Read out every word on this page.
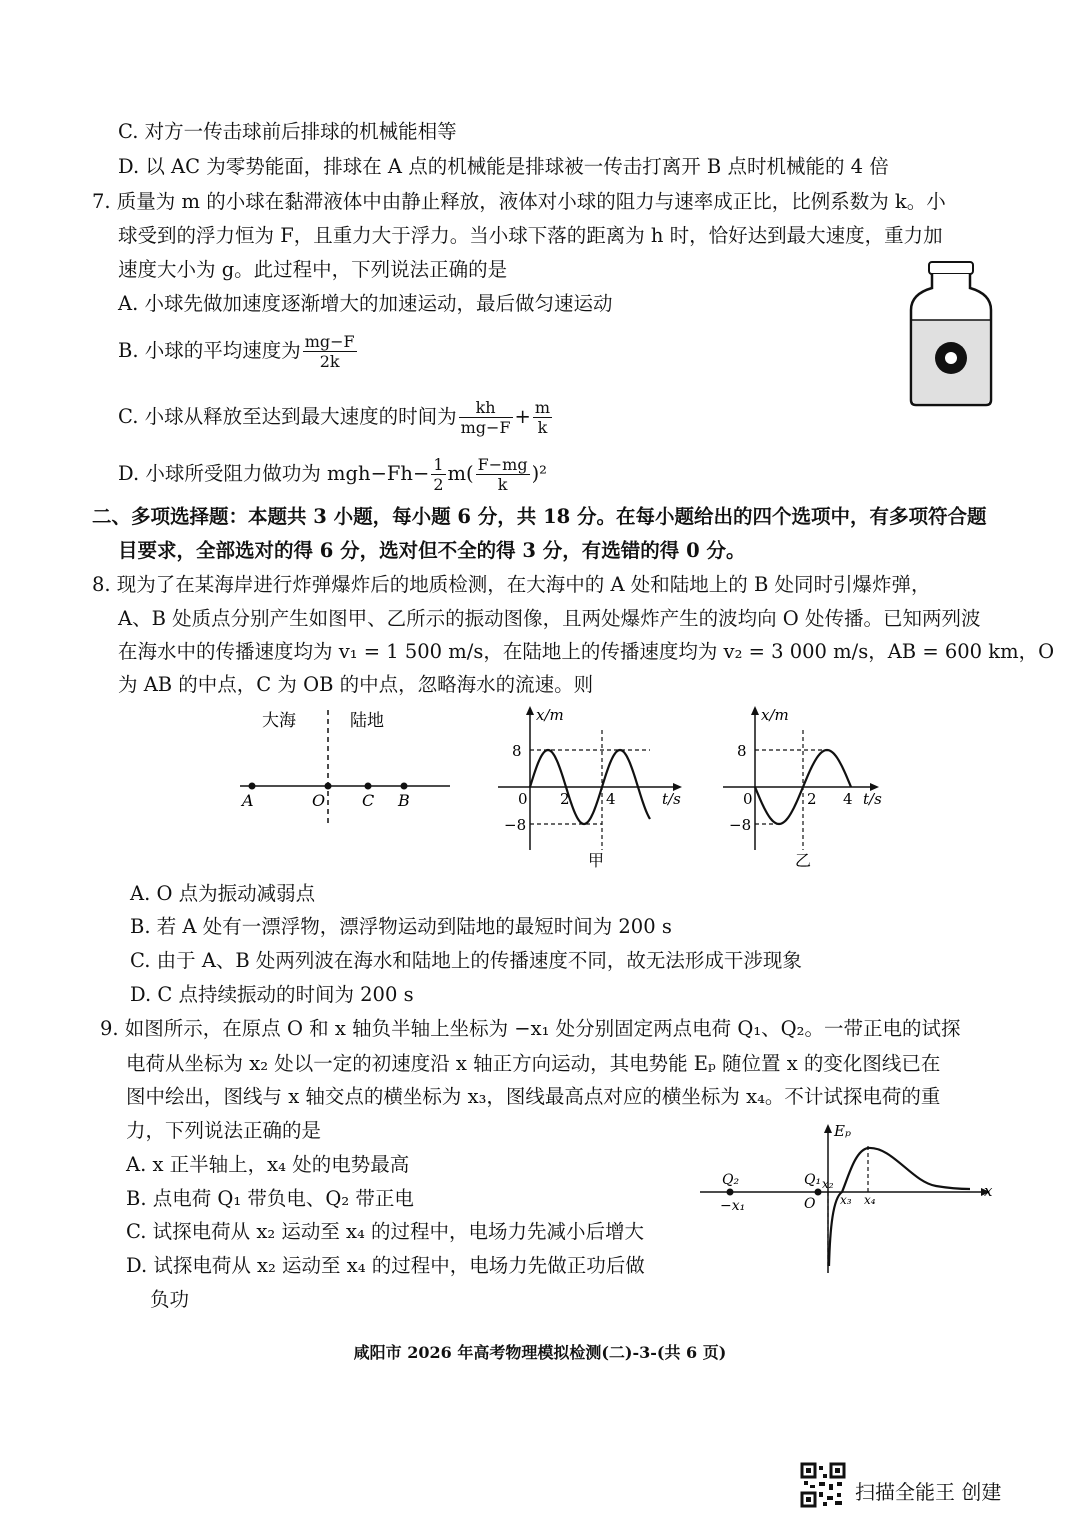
C. 对方一传击球前后排球的机械能相等
D. 以 AC 为零势能面，排球在 A 点的机械能是排球被一传击打离开 B 点时机械能的 4 倍
7. 质量为 m 的小球在黏滞液体中由静止释放，液体对小球的阻力与速率成正比，比例系数为 k。小
球受到的浮力恒为 F，且重力大于浮力。当小球下落的距离为 h 时，恰好达到最大速度，重力加
速度大小为 g。此过程中，下列说法正确的是
A. 小球先做加速度逐渐增大的加速运动，最后做匀速运动
B. 小球的平均速度为 $\frac{mg-F}{2k}$
C. 小球从释放至达到最大速度的时间为 $\frac{kh}{mg-F} + \frac{m}{k}$
D. 小球所受阻力做功为 $mgh-Fh- \frac{1}{2} m( \frac{F-mg}{k} )^2$
二、多项选择题：本题共 3 小题，每小题 6 分，共 18 分。在每小题给出的四个选项中，有多项符合题
目要求，全部选对的得 6 分，选对但不全的得 3 分，有选错的得 0 分。
8. 现为了在某海岸进行炸弹爆炸后的地质检测，在大海中的 A 处和陆地上的 B 处同时引爆炸弹，
A、B 处质点分别产生如图甲、乙所示的振动图像，且两处爆炸产生的波均向 O 处传播。已知两列波
在海水中的传播速度均为 v₁ = 1 500 m/s，在陆地上的传播速度均为 v₂ = 3 000 m/s，AB = 600 km，O
为 AB 的中点，C 为 OB 的中点，忽略海水的流速。则
大海	陆地
A	O C B
x/m
t/s
8
−8
0 2 4
甲
x/m
t/s
8
−8
0	2 4
乙
A. O 点为振动减弱点
B. 若 A 处有一漂浮物，漂浮物运动到陆地的最短时间为 200 s
C. 由于 A、B 处两列波在海水和陆地上的传播速度不同，故无法形成干涉现象
D. C 点持续振动的时间为 200 s
9. 如图所示，在原点 O 和 x 轴负半轴上坐标为 −x₁ 处分别固定两点电荷 Q₁、Q₂。一带正电的试探
电荷从坐标为 x₂ 处以一定的初速度沿 x 轴正方向运动，其电势能 Eₚ 随位置 x 的变化图线已在
图中绘出，图线与 x 轴交点的横坐标为 x₃，图线最高点对应的横坐标为 x₄。不计试探电荷的重
力，下列说法正确的是
A. x 正半轴上，x₄ 处的电势最高
B. 点电荷 Q₁ 带负电、Q₂ 带正电
C. 试探电荷从 x₂ 运动至 x₄ 的过程中，电场力先减小后增大
D. 试探电荷从 x₂ 运动至 x₄ 的过程中，电场力先做正功后做
负功
Eₚ
x
Q₂	Q₁
O
−x₁
x₂
x₃ x₄
咸阳市 2026 年高考物理模拟检测(二)-3-(共 6 页)
扫描全能王 创建
